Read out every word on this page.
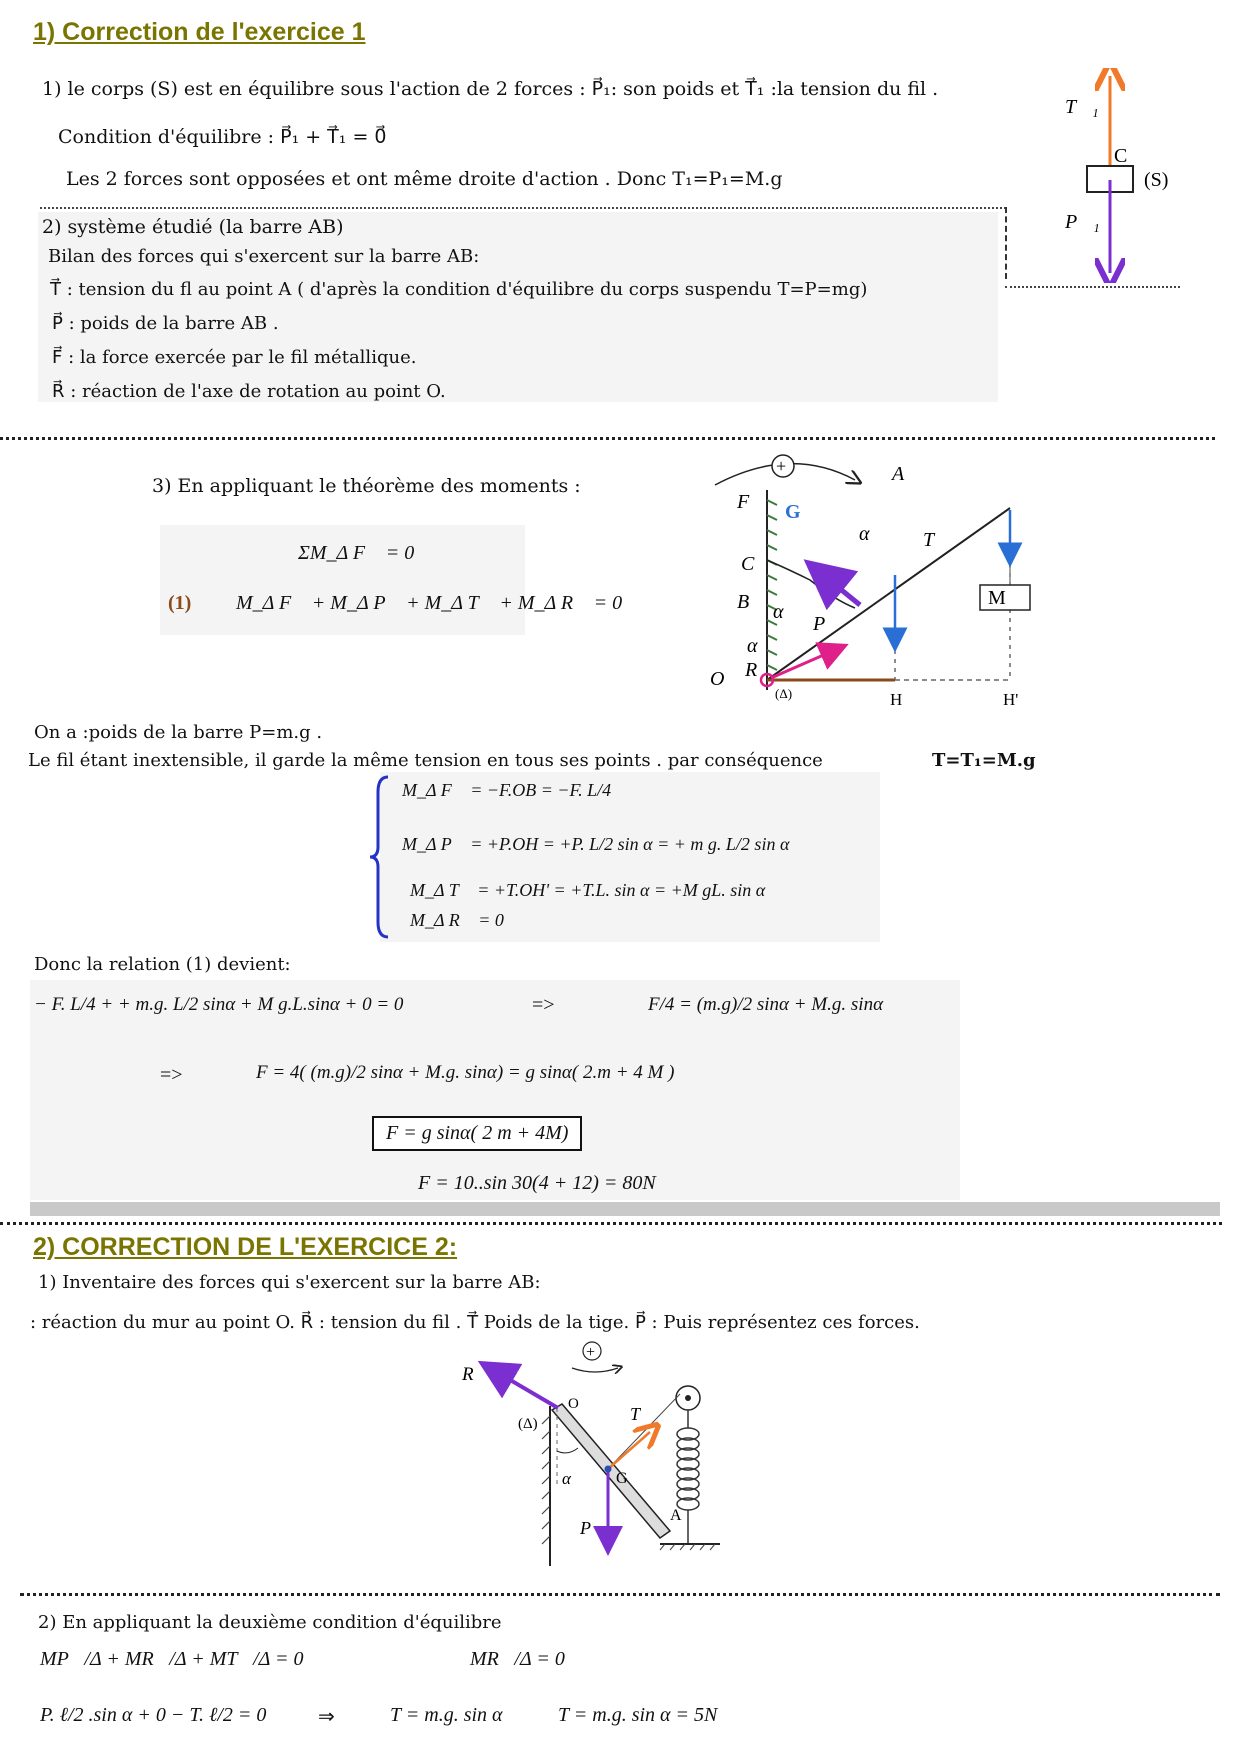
1) Correction de l'exercice 1
1) le corps (S) est en équilibre sous l'action de 2 forces : P⃗₁: son poids et T⃗₁ :la tension du fil .
Condition d'équilibre : P⃗₁ + T⃗₁ = 0⃗
Les 2 forces sont opposées et ont même droite d'action . Donc T₁=P₁=M.g
T⃗₁
C
(S)
P⃗₁
2) système étudié (la barre AB)
Bilan des forces qui s'exercent sur la barre AB:
T⃗ : tension du fl au point A ( d'après la condition d'équilibre du corps suspendu T=P=mg)
P⃗ : poids de la barre AB .
F⃗ : la force exercée par le fil métallique.
R⃗ : réaction de l'axe de rotation au point O.
3) En appliquant le théorème des moments :
ΣM_Δ F⃗ = 0
(1) M_Δ F⃗ + M_Δ P⃗ + M_Δ T⃗ + M_Δ R⃗ = 0
+	A
T⃗
C
F⃗ G
α
B α
P⃗
M
α
R⃗
O
(Δ)	H	H'
On a :poids de la barre P=m.g .
Le fil étant inextensible, il garde la même tension en tous ses points . par conséquence	T=T₁=M.g
M_Δ F⃗ = −F.OB = −F. L/4
M_Δ P⃗ = +P.OH = +P. L/2 sin α = + m g. L/2 sin α
M_Δ T⃗ = +T.OH' = +T.L. sin α = +M gL. sin α
M_Δ R⃗ = 0
Donc la relation (1) devient:
− F. L/4 + + m.g. L/2 sinα + M g.L.sinα + 0 = 0	=>	F/4 = (m.g)/2 sinα + M.g. sinα
=>	F = 4( (m.g)/2 sinα + M.g. sinα) = g sinα( 2.m + 4 M )
F = g sinα( 2 m + 4M)
F = 10..sin 30(4 + 12) = 80N
2) CORRECTION DE L'EXERCICE 2:
1) Inventaire des forces qui s'exercent sur la barre AB:
: réaction du mur au point O. R⃗ : tension du fil . T⃗ Poids de la tige. P⃗ : Puis représentez ces forces.
+
R⃗
O
(Δ)	T⃗
α	G
A
P⃗
2) En appliquant la deuxième condition d'équilibre
MP⃗/Δ + MR⃗/Δ + MT⃗/Δ = 0	MR⃗/Δ = 0
P. ℓ/2 .sin α + 0 − T. ℓ/2 = 0	⇒	T = m.g. sin α	T = m.g. sin α = 5N
